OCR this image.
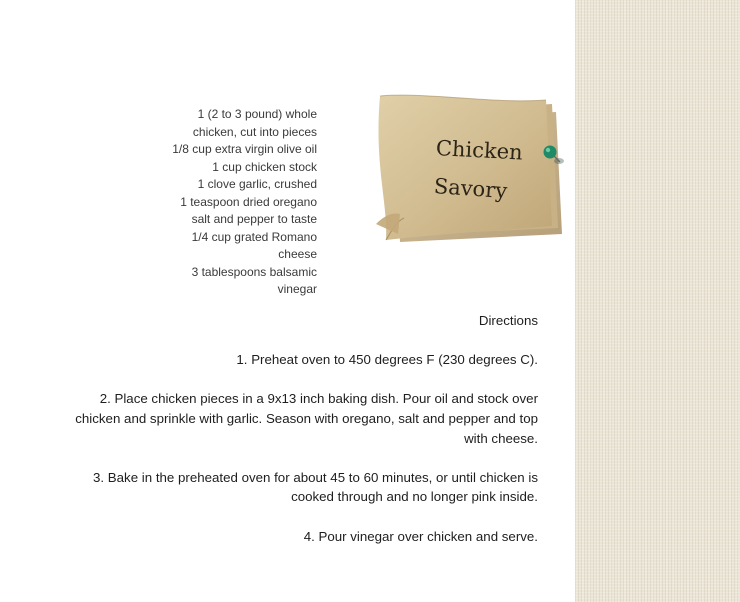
1 (2 to 3 pound) whole
chicken, cut into pieces
1/8 cup extra virgin olive oil
1 cup chicken stock
1 clove garlic, crushed
1 teaspoon dried oregano
salt and pepper to taste
1/4 cup grated Romano
cheese
3 tablespoons balsamic
vinegar
Chicken
Savory
Directions

1. Preheat oven to 450 degrees F (230 degrees C).

2. Place chicken pieces in a 9x13 inch baking dish. Pour oil and stock over chicken and sprinkle with garlic. Season with oregano, salt and pepper and top with cheese.

3. Bake in the preheated oven for about 45 to 60 minutes, or until chicken is cooked through and no longer pink inside.

4. Pour vinegar over chicken and serve.
